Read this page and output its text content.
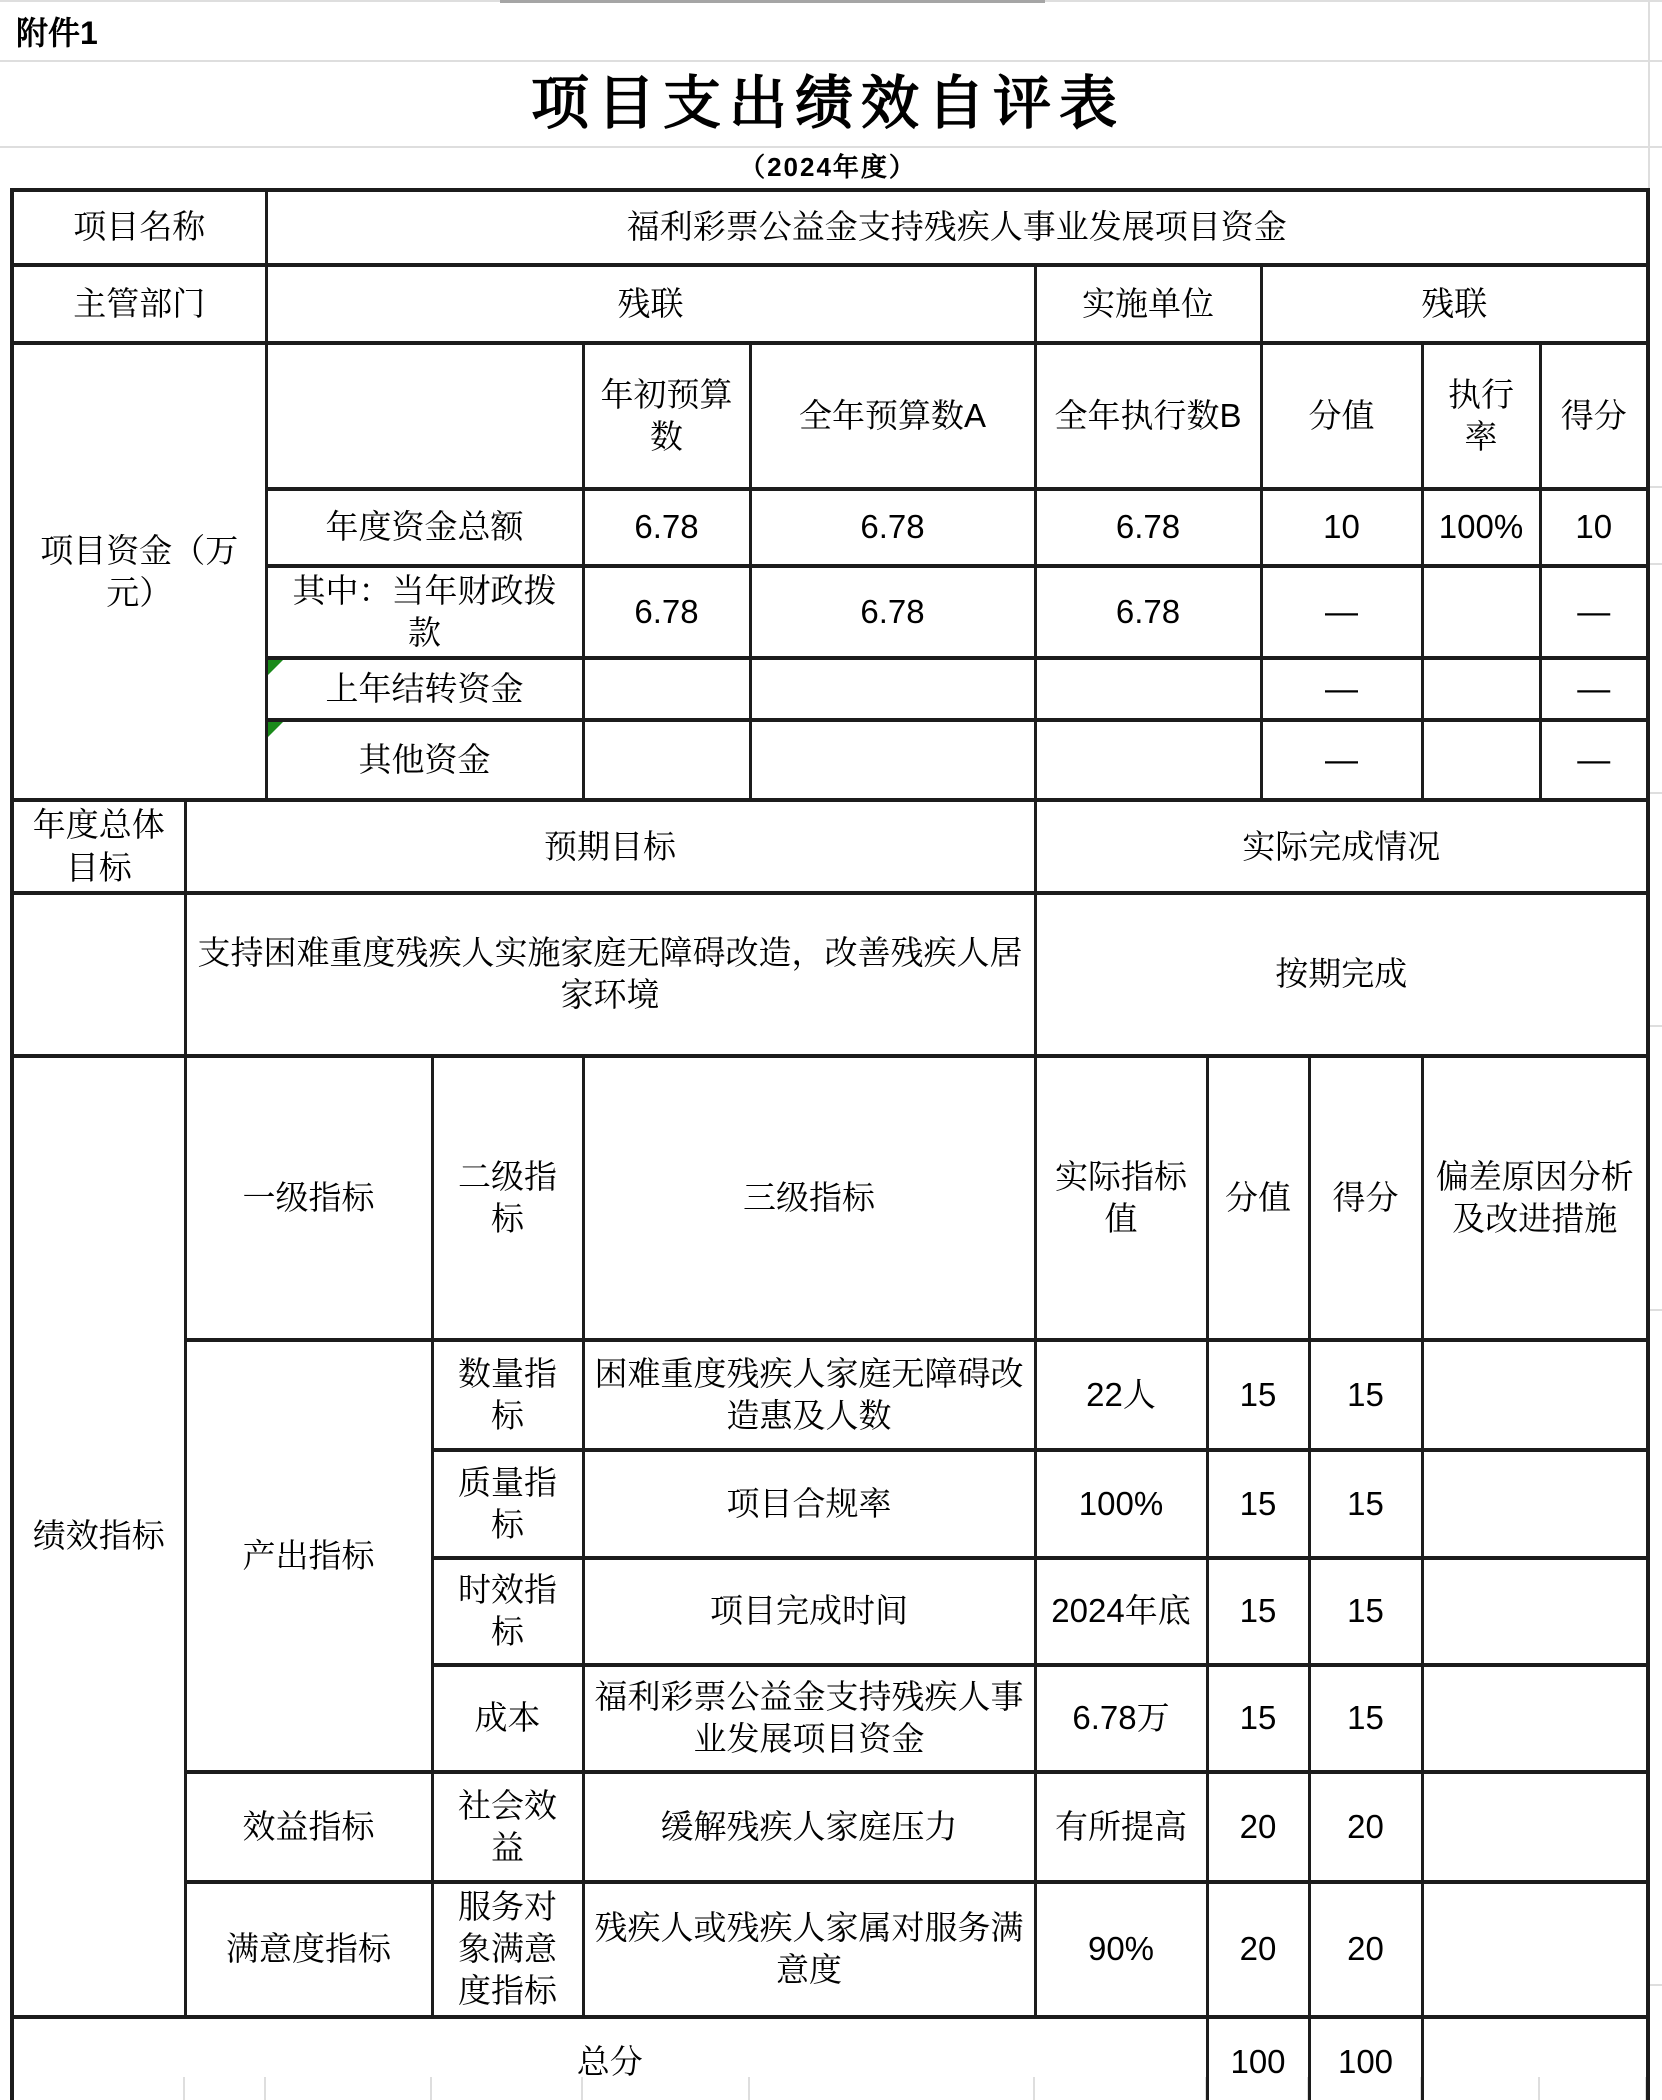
附件1
项目支出绩效自评表
（2024年度）
项目名称		福利彩票公益金支持残疾人事业发展项目资金									
主管部门		残联				实施单位		残联			
项目资金（万元）				年初预算数	全年预算数A	全年执行数B		分值		执行率	得分
		年度资金总额		6.78	6.78	6.78		10		100%	10
		其中：当年财政拨款		6.78	6.78	6.78		—			—

上年结转资金						—			—

其他资金						—			—
年度总体目标	预期目标					实际完成情况					
	支持困难重度残疾人实施家庭无障碍改造，改善残疾人居家环境					按期完成					
绩效指标	一级指标		二级指标	三级指标		实际指标值	分值		得分	偏差原因分析及改进措施	
	产出指标		数量指标	困难重度残疾人家庭无障碍改造惠及人数		22人	15		15		
			质量指标	项目合规率		100%	15		15		
			时效指标	项目完成时间		2024年底	15		15		
			成本	福利彩票公益金支持残疾人事业发展项目资金		6.78万	15		15		
	效益指标		社会效益	缓解残疾人家庭压力		有所提高	20		20		
	满意度指标		服务对象满意度指标	残疾人或残疾人家属对服务满意度		90%	20		20		
总分							100		100		
